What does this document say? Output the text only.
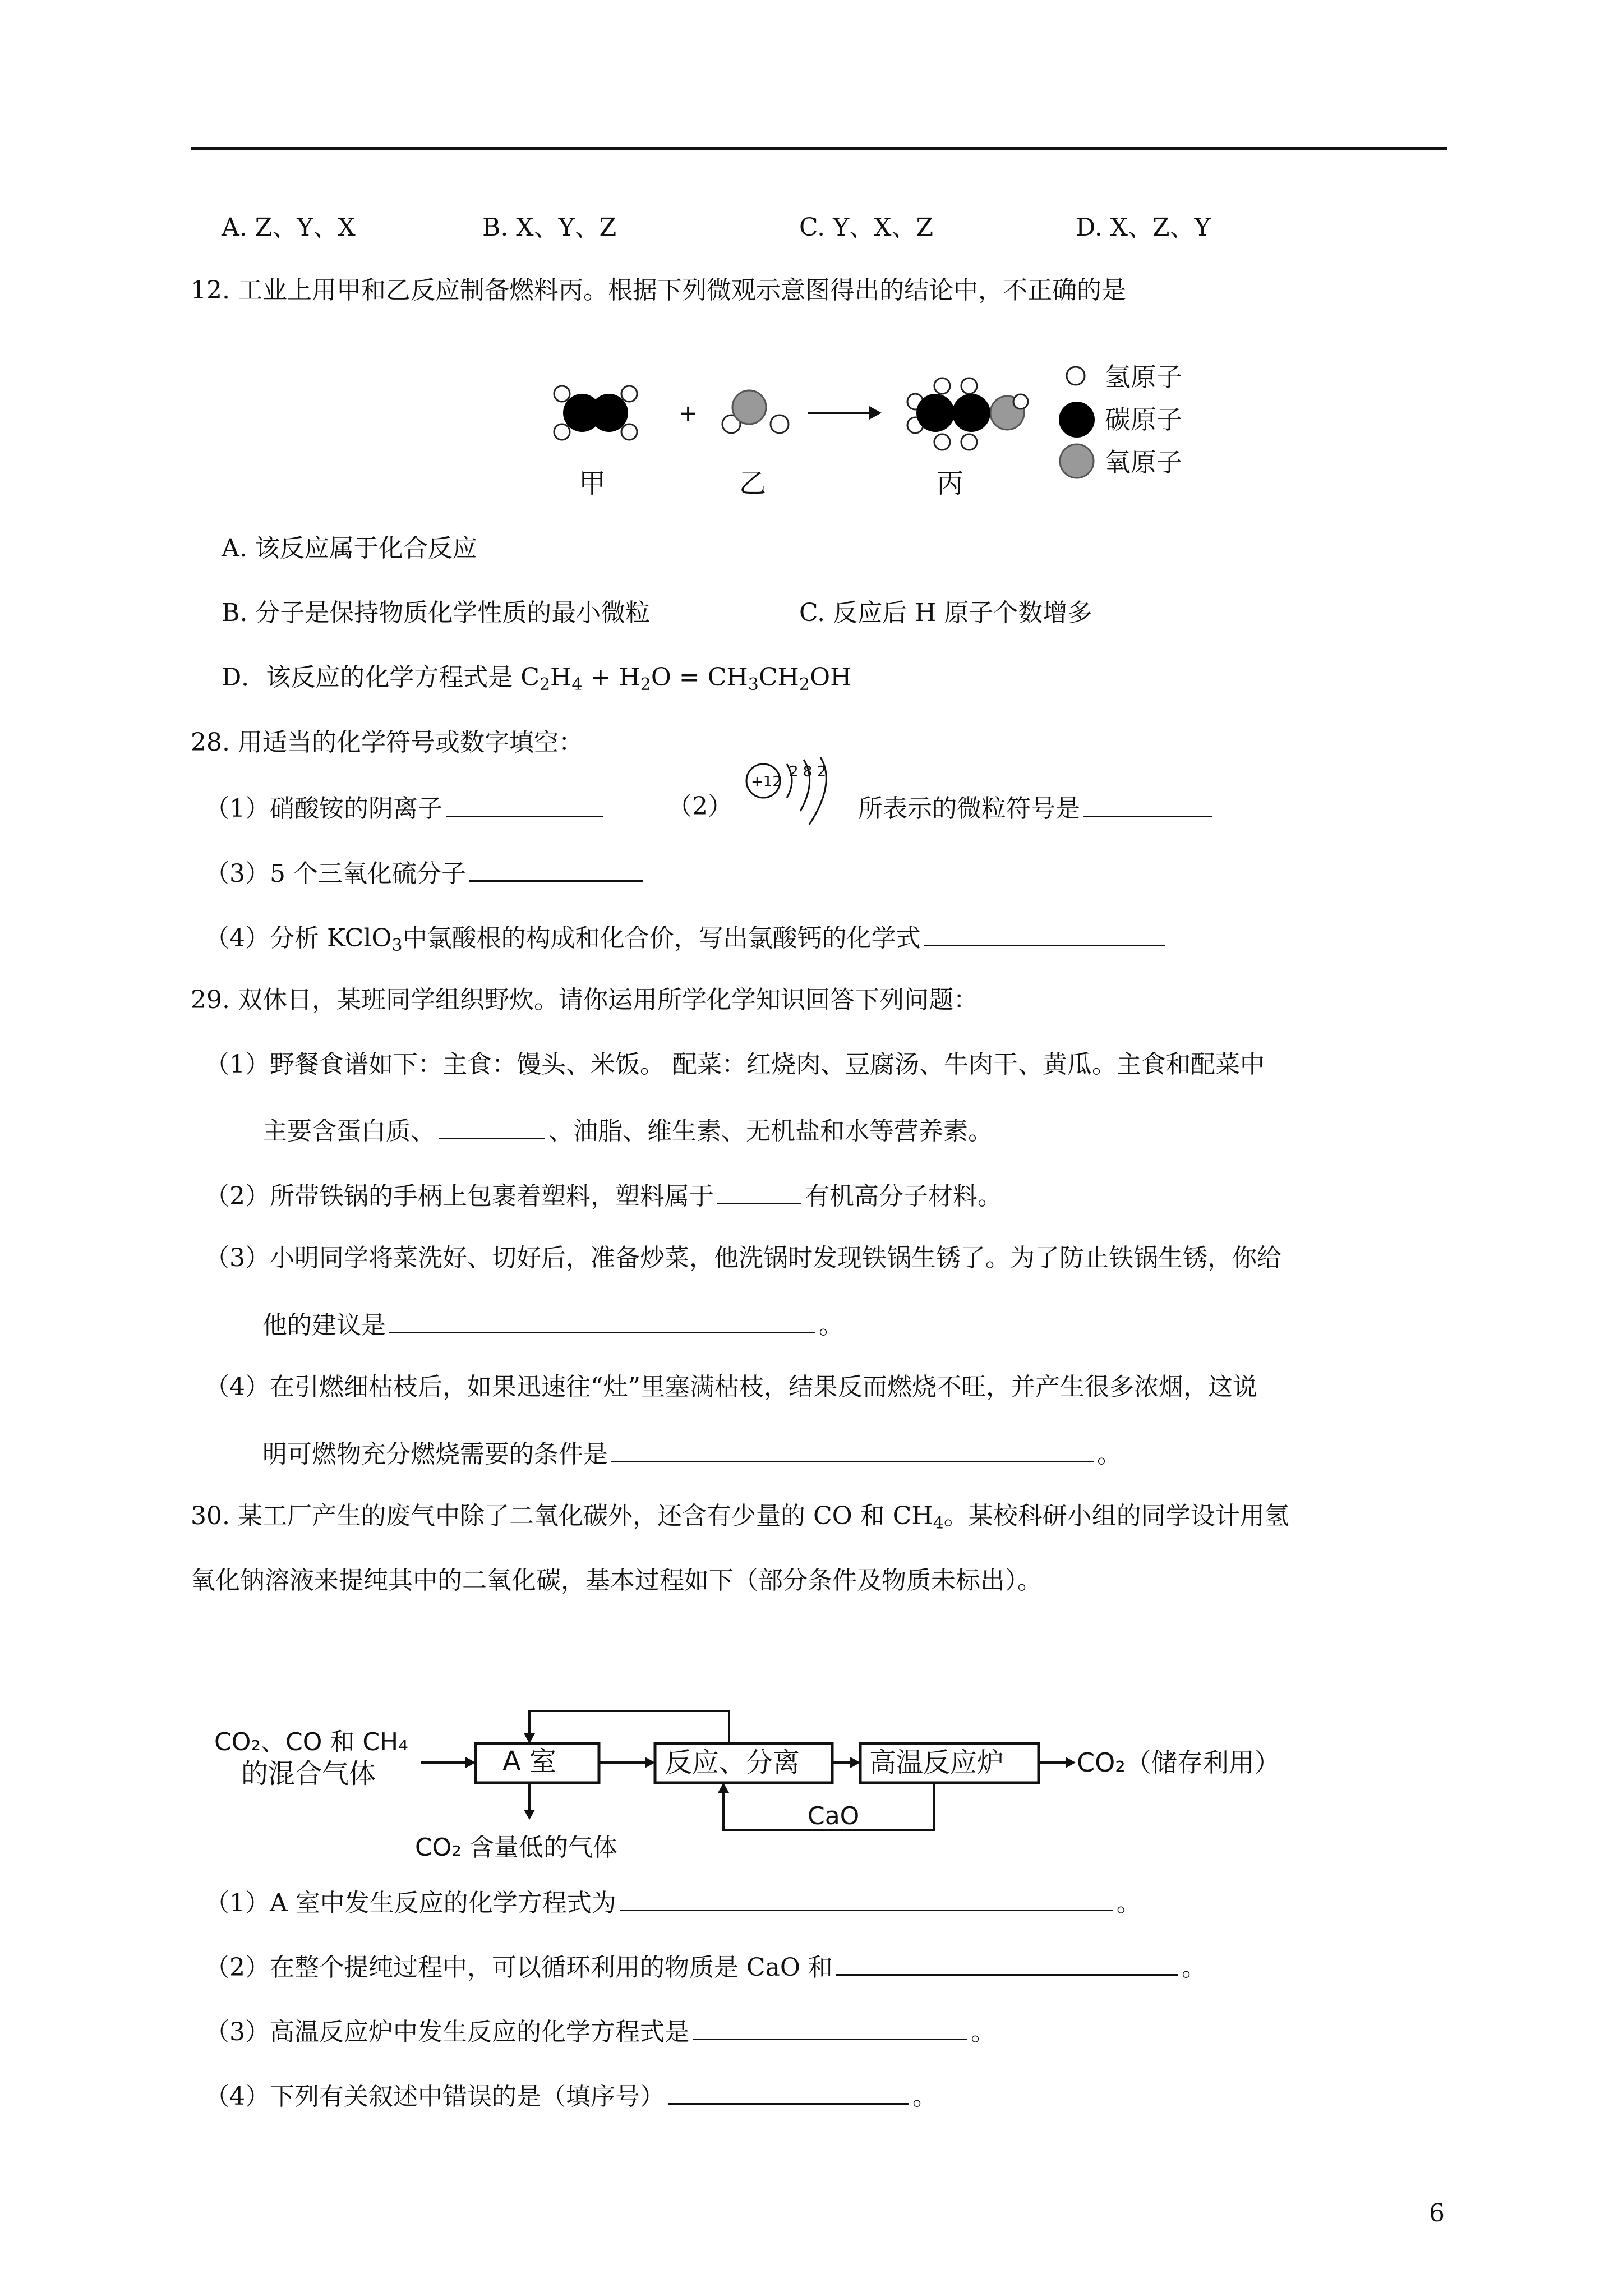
A. Z、Y、X	B. X、Y、Z	C. Y、X、Z	D. X、Z、Y
12. 工业上用甲和乙反应制备燃料丙。根据下列微观示意图得出的结论中，不正确的是
+
甲	乙	丙
氢原子
碳原子
氧原子
A. 该反应属于化合反应
B. 分子是保持物质化学性质的最小微粒	C. 反应后 H 原子个数增多
D．该反应的化学方程式是 $C_2H_4 + H_2O = CH_3CH_2OH$
28. 用适当的化学符号或数字填空：
（1）硝酸铵的阴离子	（2）
+12
2 8 2
所表示的微粒符号是
（3）5 个三氧化硫分子
（4）分析 KClO$_3$中氯酸根的构成和化合价，写出氯酸钙的化学式
29. 双休日，某班同学组织野炊。请你运用所学化学知识回答下列问题：
（1）野餐食谱如下：主食：馒头、米饭。 配菜：红烧肉、豆腐汤、牛肉干、黄瓜。主食和配菜中
主要含蛋白质、	、油脂、维生素、无机盐和水等营养素。
（2）所带铁锅的手柄上包裹着塑料，塑料属于	有机高分子材料。
（3）小明同学将菜洗好、切好后，准备炒菜，他洗锅时发现铁锅生锈了。为了防止铁锅生锈，你给
他的建议是	。
（4）在引燃细枯枝后，如果迅速往“灶”里塞满枯枝，结果反而燃烧不旺，并产生很多浓烟，这说
明可燃物充分燃烧需要的条件是	。
30. 某工厂产生的废气中除了二氧化碳外，还含有少量的 CO 和 $CH_4$。某校科研小组的同学设计用氢
氧化钠溶液来提纯其中的二氧化碳，基本过程如下（部分条件及物质未标出）。
CO₂、CO 和 CH₄
的混合气体	A 室	反应、分离	高温反应炉	CO₂（储存利用）
CO₂ 含量低的气体
CaO
（1）A 室中发生反应的化学方程式为	。
（2）在整个提纯过程中，可以循环利用的物质是 CaO 和	。
（3）高温反应炉中发生反应的化学方程式是	。
（4）下列有关叙述中错误的是（填序号）	。
6
